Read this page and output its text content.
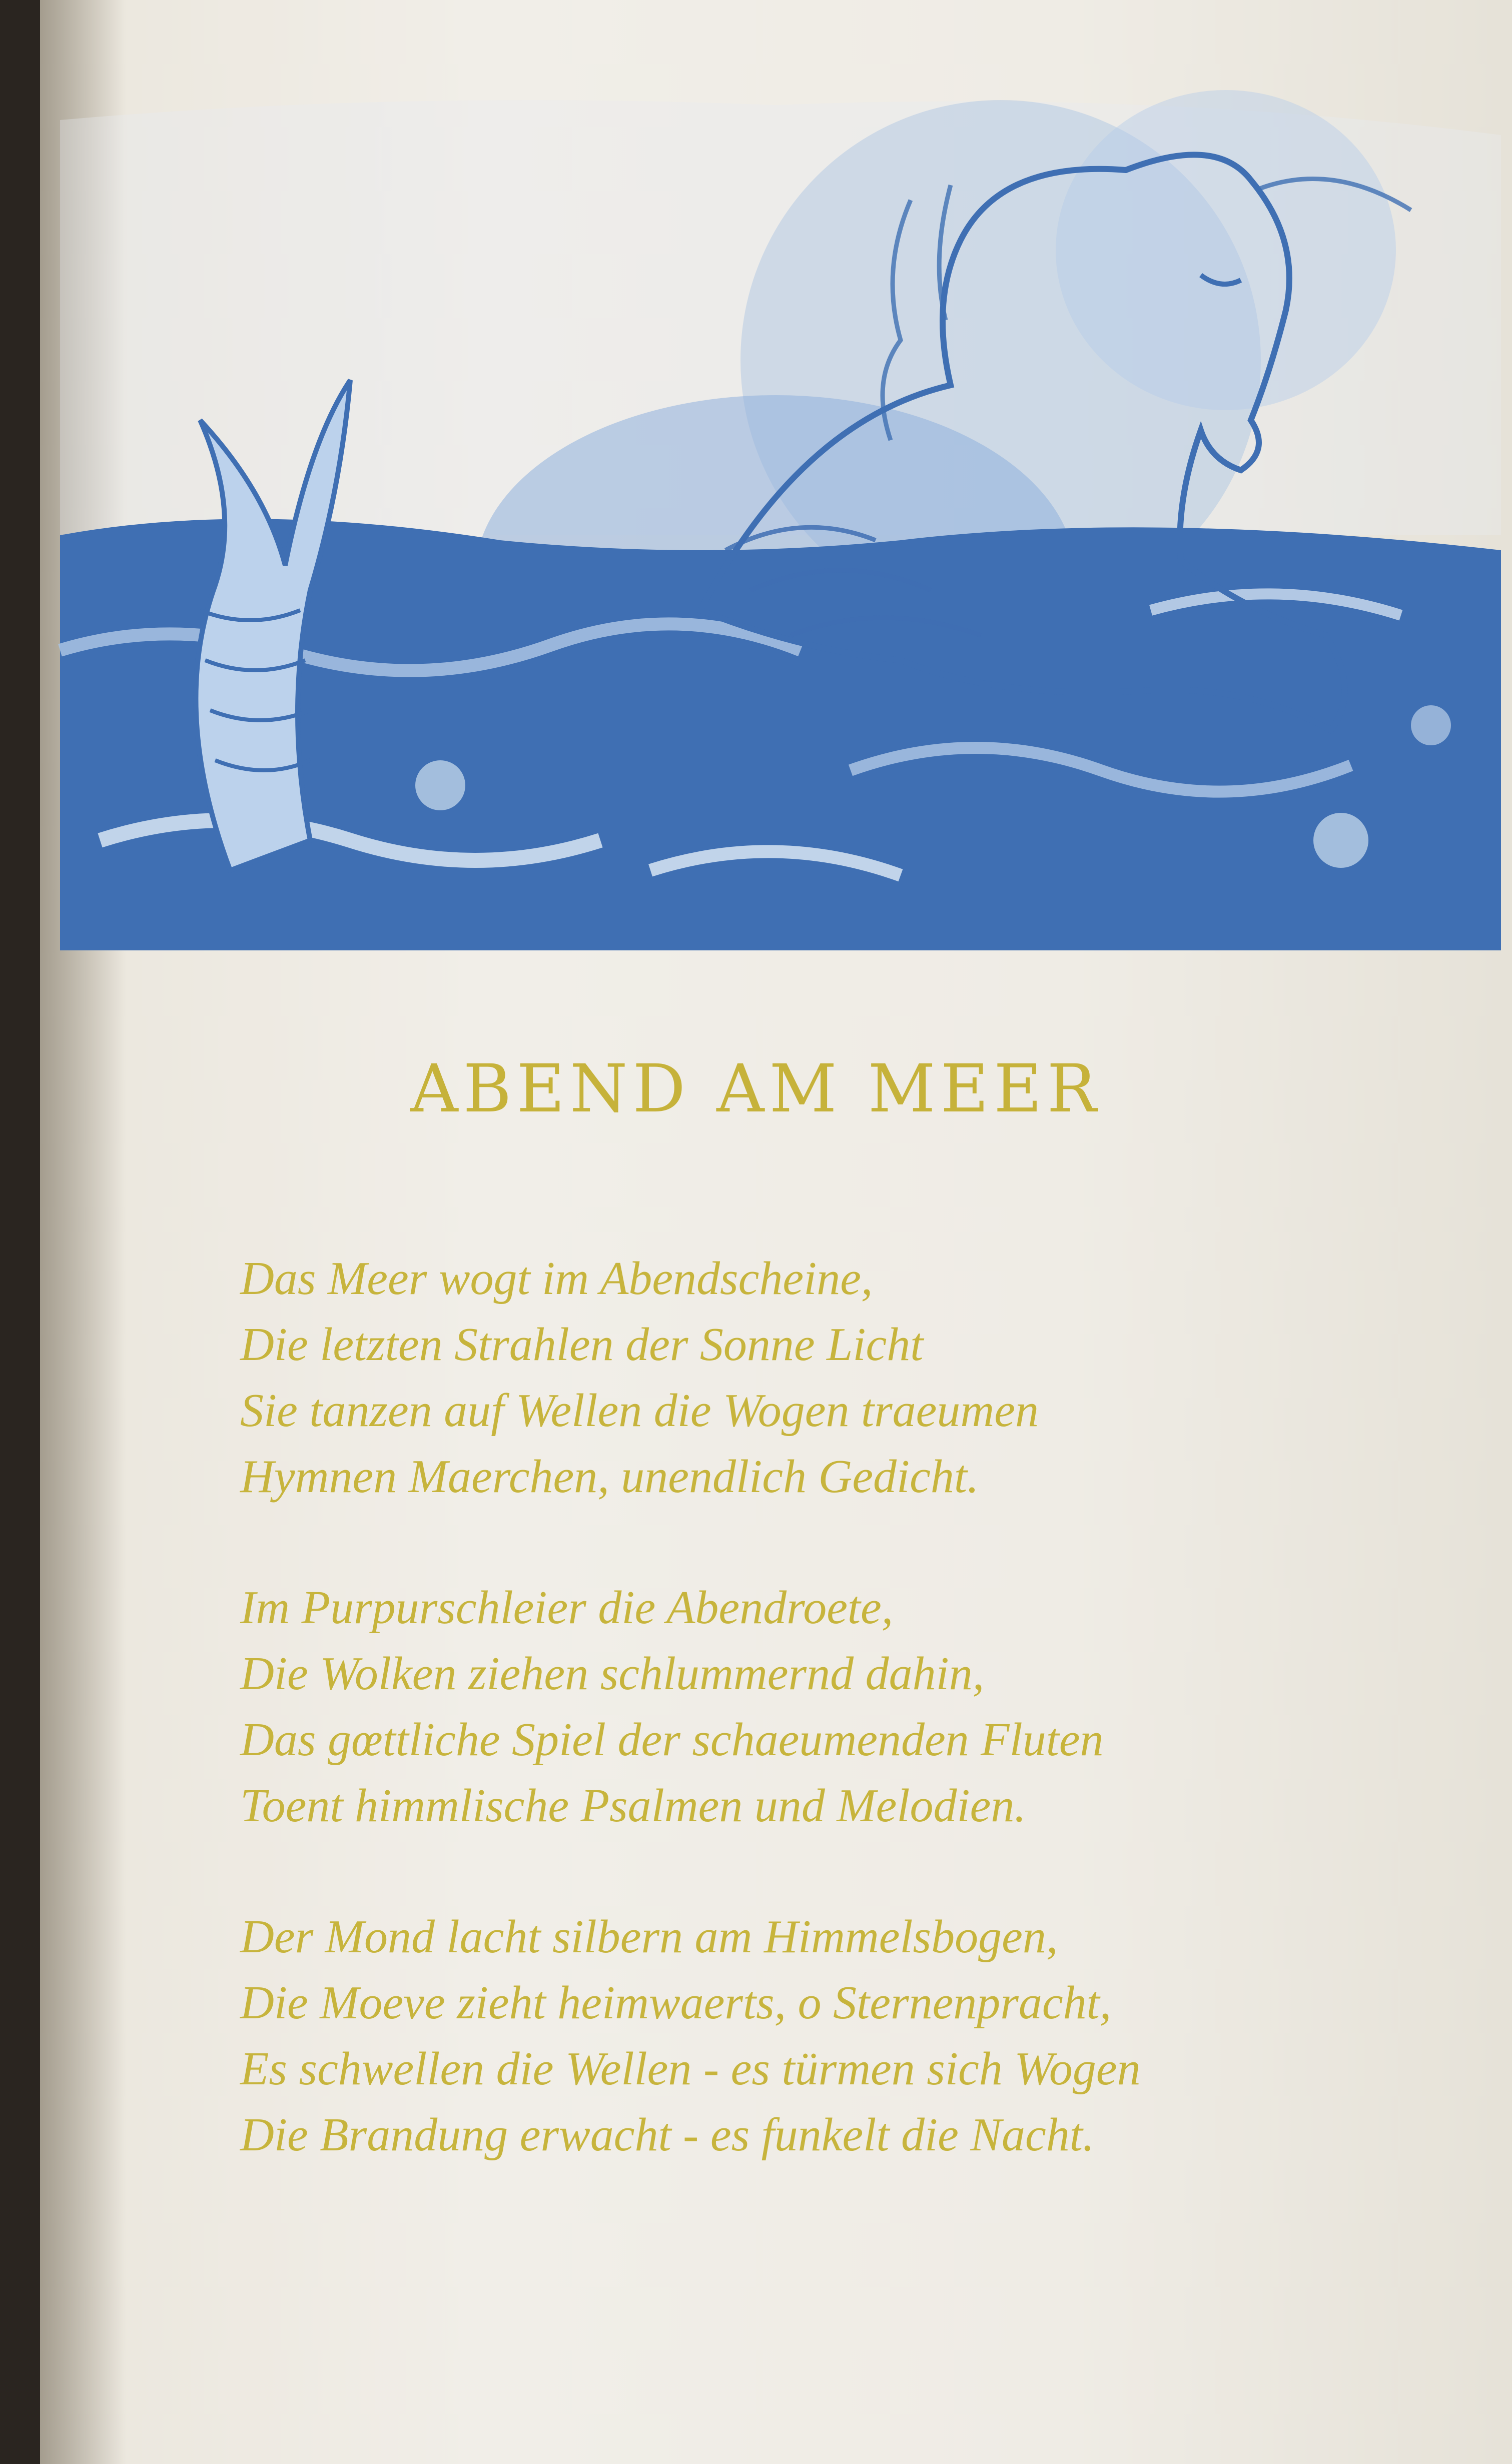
ABEND AM MEER
Das Meer wogt im Abendscheine,
Die letzten Strahlen der Sonne Licht
Sie tanzen auf Wellen die Wogen traeumen
Hymnen Maerchen, unendlich Gedicht.
Im Purpurschleier die Abendroete,
Die Wolken ziehen schlummernd dahin,
Das gœttliche Spiel der schaeumenden Fluten
Toent himmlische Psalmen und Melodien.
Der Mond lacht silbern am Himmelsbogen,
Die Moeve zieht heimwaerts, o Sternenpracht,
Es schwellen die Wellen - es türmen sich Wogen
Die Brandung erwacht - es funkelt die Nacht.
